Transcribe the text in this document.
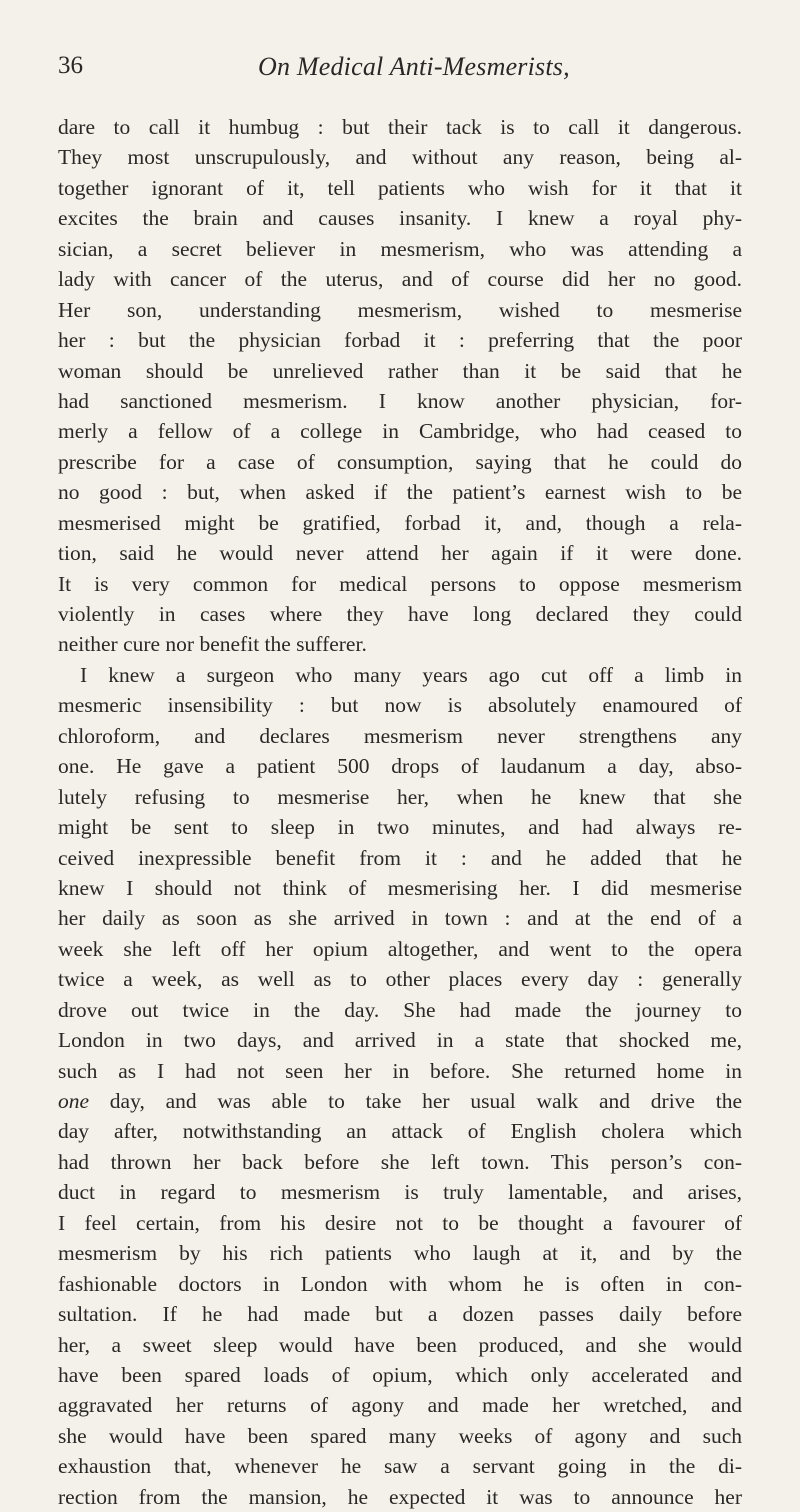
36	On Medical Anti-Mesmerists,
dare to call it humbug : but their tack is to call it dangerous.
They most unscrupulously, and without any reason, being al-
together ignorant of it, tell patients who wish for it that it
excites the brain and causes insanity. I knew a royal phy-
sician, a secret believer in mesmerism, who was attending a
lady with cancer of the uterus, and of course did her no good.
Her son, understanding mesmerism, wished to mesmerise
her : but the physician forbad it : preferring that the poor
woman should be unrelieved rather than it be said that he
had sanctioned mesmerism. I know another physician, for-
merly a fellow of a college in Cambridge, who had ceased to
prescribe for a case of consumption, saying that he could do
no good : but, when asked if the patient’s earnest wish to be
mesmerised might be gratified, forbad it, and, though a rela-
tion, said he would never attend her again if it were done.
It is very common for medical persons to oppose mesmerism
violently in cases where they have long declared they could
neither cure nor benefit the sufferer.
I knew a surgeon who many years ago cut off a limb in
mesmeric insensibility : but now is absolutely enamoured of
chloroform, and declares mesmerism never strengthens any
one. He gave a patient 500 drops of laudanum a day, abso-
lutely refusing to mesmerise her, when he knew that she
might be sent to sleep in two minutes, and had always re-
ceived inexpressible benefit from it : and he added that he
knew I should not think of mesmerising her. I did mesmerise
her daily as soon as she arrived in town : and at the end of a
week she left off her opium altogether, and went to the opera
twice a week, as well as to other places every day : generally
drove out twice in the day. She had made the journey to
London in two days, and arrived in a state that shocked me,
such as I had not seen her in before. She returned home in
one day, and was able to take her usual walk and drive the
day after, notwithstanding an attack of English cholera which
had thrown her back before she left town. This person’s con-
duct in regard to mesmerism is truly lamentable, and arises,
I feel certain, from his desire not to be thought a favourer of
mesmerism by his rich patients who laugh at it, and by the
fashionable doctors in London with whom he is often in con-
sultation. If he had made but a dozen passes daily before
her, a sweet sleep would have been produced, and she would
have been spared loads of opium, which only accelerated and
aggravated her returns of agony and made her wretched, and
she would have been spared many weeks of agony and such
exhaustion that, whenever he saw a servant going in the di-
rection from the mansion, he expected it was to announce her
